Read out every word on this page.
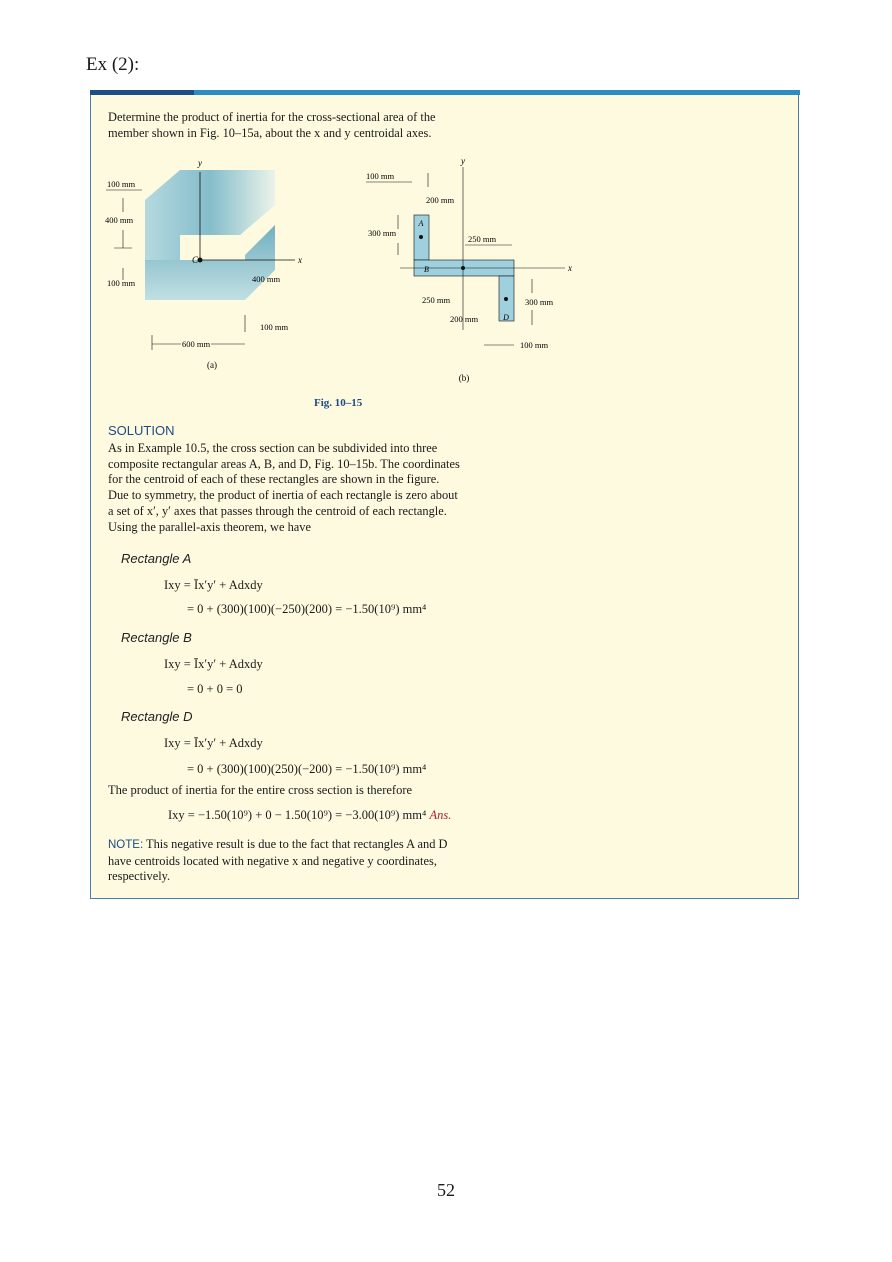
Ex (2):
Determine the product of inertia for the cross-sectional area of the
member shown in Fig. 10–15a, about the x and y centroidal axes.
y
x
C
100 mm
400 mm
100 mm	400 mm
100 mm
600 mm
(a)
y
x
A
B
D
100 mm
200 mm
300 mm
250 mm
250 mm
200 mm
300 mm
100 mm
(b)
Fig. 10–15
SOLUTION
As in Example 10.5, the cross section can be subdivided into three
composite rectangular areas A, B, and D, Fig. 10–15b. The coordinates
for the centroid of each of these rectangles are shown in the figure.
Due to symmetry, the product of inertia of each rectangle is zero about
a set of x′, y′ axes that passes through the centroid of each rectangle.
Using the parallel-axis theorem, we have
Rectangle A
Ixy = Īx′y′ + Adxdy
= 0 + (300)(100)(−250)(200) = −1.50(10⁹) mm⁴
Rectangle B
Ixy = Īx′y′ + Adxdy
= 0 + 0 = 0
Rectangle D
Ixy = Īx′y′ + Adxdy
= 0 + (300)(100)(250)(−200) = −1.50(10⁹) mm⁴
The product of inertia for the entire cross section is therefore
Ixy = −1.50(10⁹) + 0 − 1.50(10⁹) = −3.00(10⁹) mm⁴ Ans.
NOTE: This negative result is due to the fact that rectangles A and D
have centroids located with negative x and negative y coordinates,
respectively.
52
